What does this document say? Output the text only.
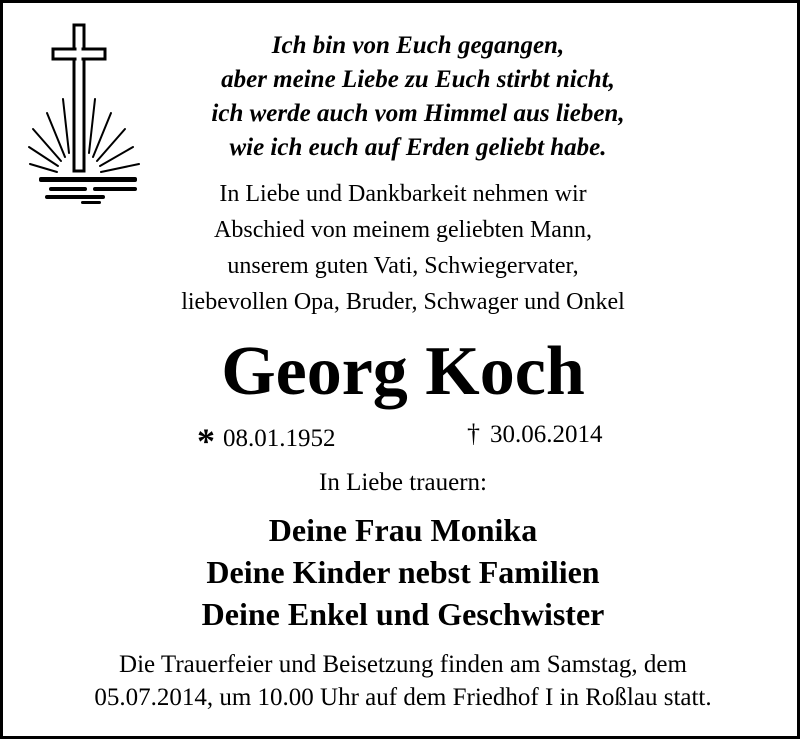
Ich bin von Euch gegangen,
aber meine Liebe zu Euch stirbt nicht,
ich werde auch vom Himmel aus lieben,
wie ich euch auf Erden geliebt habe.
In Liebe und Dankbarkeit nehmen wir
Abschied von meinem geliebten Mann,
unserem guten Vati, Schwiegervater,
liebevollen Opa, Bruder, Schwager und Onkel
Georg Koch
* 08.01.1952	† 30.06.2014
In Liebe trauern:
Deine Frau Monika
Deine Kinder nebst Familien
Deine Enkel und Geschwister
Die Trauerfeier und Beisetzung finden am Samstag, dem
05.07.2014, um 10.00 Uhr auf dem Friedhof I in Roßlau statt.
